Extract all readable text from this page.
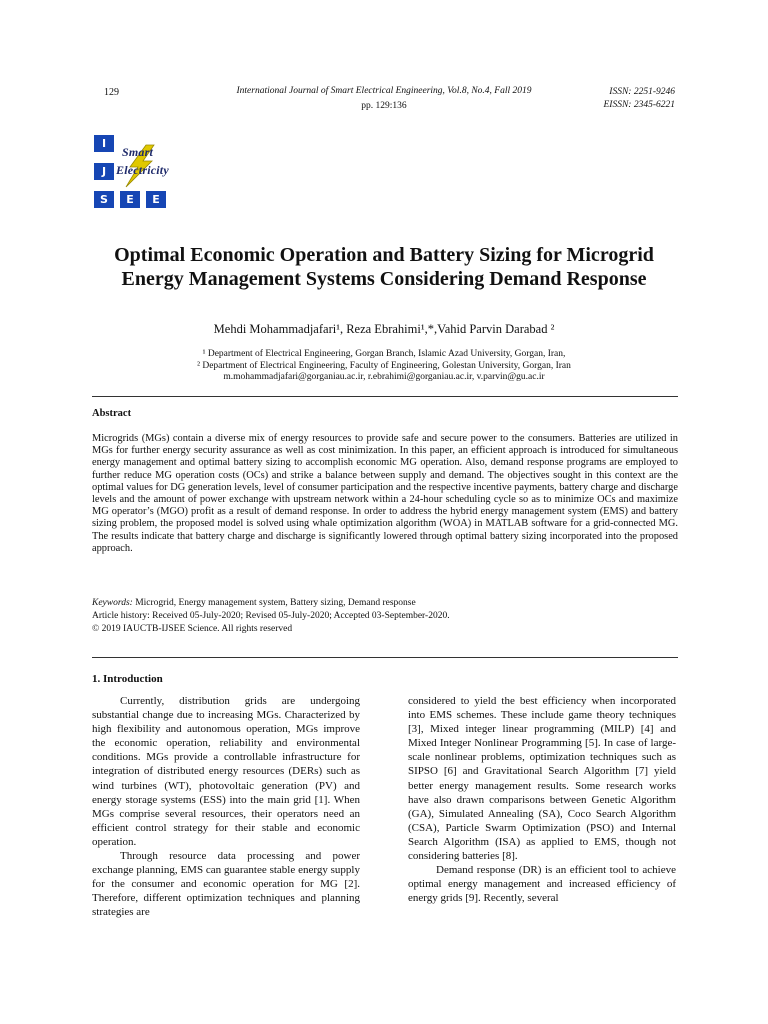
129	International Journal of Smart Electrical Engineering, Vol.8, No.4, Fall 2019
pp. 129:136
ISSN: 2251-9246
EISSN: 2345-6221
I
J
S	E	E
Smart
Electricity
Optimal Economic Operation and Battery Sizing for Microgrid Energy Management Systems Considering Demand Response
Mehdi Mohammadjafari¹, Reza Ebrahimi¹,*,Vahid Parvin Darabad ²
¹ Department of Electrical Engineering, Gorgan Branch, Islamic Azad University, Gorgan, Iran,
² Department of Electrical Engineering, Faculty of Engineering, Golestan University, Gorgan, Iran
m.mohammadjafari@gorganiau.ac.ir, r.ebrahimi@gorganiau.ac.ir, v.parvin@gu.ac.ir
Abstract
Microgrids (MGs) contain a diverse mix of energy resources to provide safe and secure power to the consumers. Batteries are utilized in MGs for further energy security assurance as well as cost minimization. In this paper, an efficient approach is introduced for simultaneous energy management and optimal battery sizing to accomplish economic MG operation. Also, demand response programs are employed to further reduce MG operation costs (OCs) and strike a balance between supply and demand. The objectives sought in this context are the optimal values for DG generation levels, level of consumer participation and the respective incentive payments, battery charge and discharge levels and the amount of power exchange with upstream network within a 24-hour scheduling cycle so as to minimize OCs and maximize MG operator’s (MGO) profit as a result of demand response. In order to address the hybrid energy management system (EMS) and battery sizing problem, the proposed model is solved using whale optimization algorithm (WOA) in MATLAB software for a grid-connected MG. The results indicate that battery charge and discharge is significantly lowered through optimal battery sizing incorporated into the proposed approach.
Keywords: Microgrid, Energy management system, Battery sizing, Demand response
Article history: Received 05-July-2020; Revised 05-July-2020; Accepted 03-September-2020.
© 2019 IAUCTB-IJSEE Science. All rights reserved
1. Introduction

Currently, distribution grids are undergoing substantial change due to increasing MGs. Characterized by high flexibility and autonomous operation, MGs improve the economic operation, reliability and environmental conditions. MGs provide a controllable infrastructure for integration of distributed energy resources (DERs) such as wind turbines (WT), photovoltaic generation (PV) and energy storage systems (ESS) into the main grid [1]. When MGs comprise several resources, their operators need an efficient control strategy for their stable and economic operation.

Through resource data processing and power exchange planning, EMS can guarantee stable energy supply for the consumer and economic operation for MG [2]. Therefore, different optimization techniques and planning strategies are

considered to yield the best efficiency when incorporated into EMS schemes. These include game theory techniques [3], Mixed integer linear programming (MILP) [4] and Mixed Integer Nonlinear Programming [5]. In case of large-scale nonlinear problems, optimization techniques such as SIPSO [6] and Gravitational Search Algorithm [7] yield better energy management results. Some research works have also drawn comparisons between Genetic Algorithm (GA), Simulated Annealing (SA), Coco Search Algorithm (CSA), Particle Swarm Optimization (PSO) and Internal Search Algorithm (ISA) as applied to EMS, though not considering batteries [8].

Demand response (DR) is an efficient tool to achieve optimal energy management and increased efficiency of energy grids [9]. Recently, several
